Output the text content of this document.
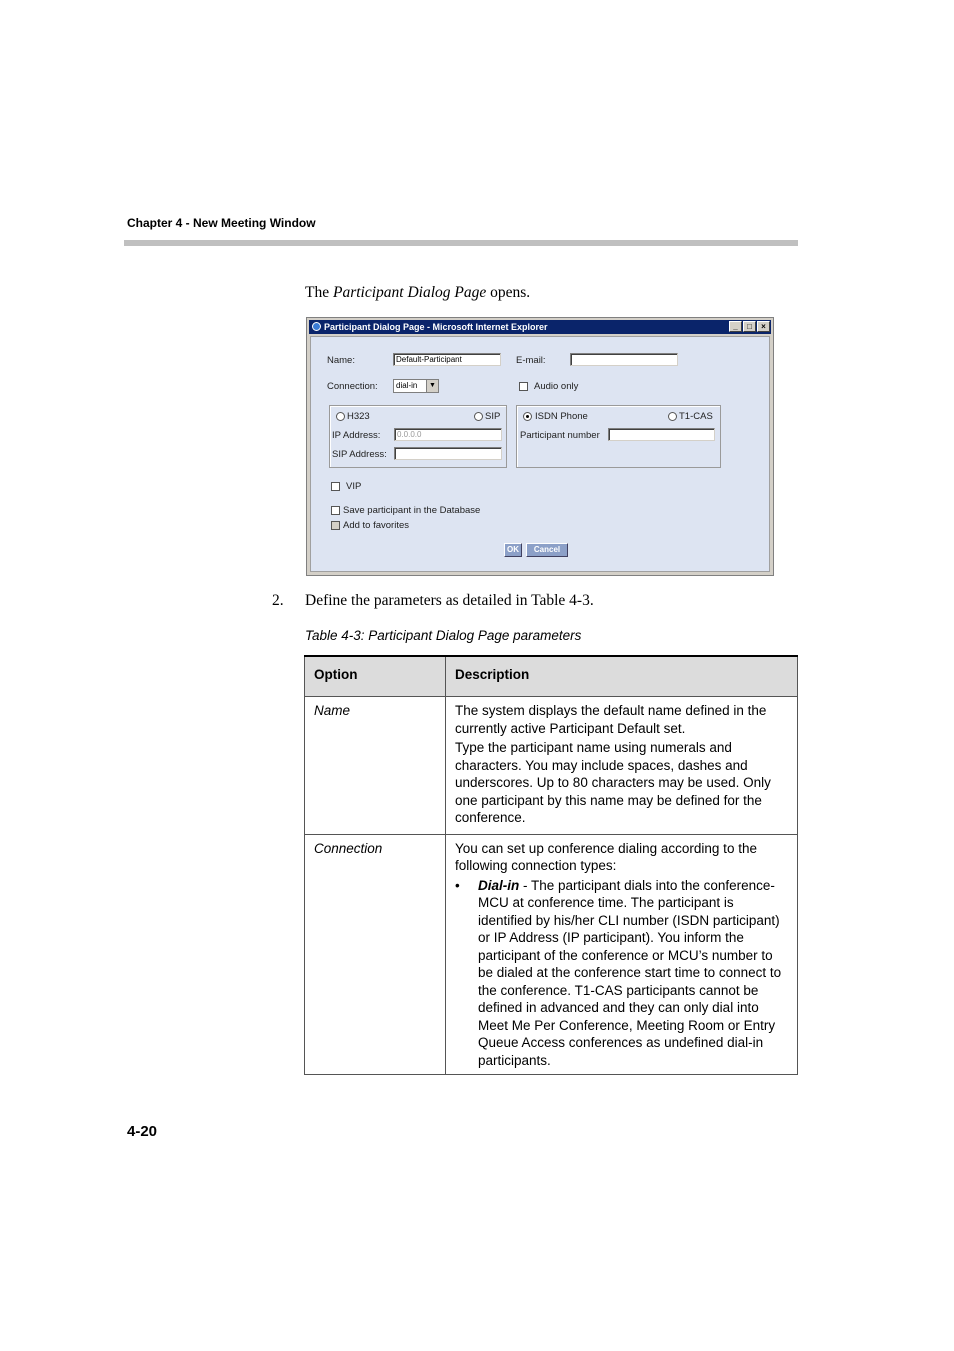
Chapter 4 - New Meeting Window
The Participant Dialog Page opens.
Participant Dialog Page - Microsoft Internet Explorer	_	□	×
Name:	Default-Participant	E-mail:
Connection:	dial-in	▼	Audio only
H323	SIP
IP Address:	0.0.0.0
SIP Address:
ISDN Phone	T1-CAS
Participant number
VIP
Save participant in the Database
Add to favorites
OK	Cancel
2. Define the parameters as detailed in Table 4-3.
Table 4-3: Participant Dialog Page parameters
Option	Description
Name	The system displays the default name defined in the currently active Participant Default set.

Type the participant name using numerals and characters. You may include spaces, dashes and underscores. Up to 80 characters may be used. Only one participant by this name may be defined for the conference.

Connection	You can set up conference dialing according to the following connection types:

• Dial-in - The participant dials into the conference-MCU at conference time. The participant is identified by his/her CLI number (ISDN participant) or IP Address (IP participant). You inform the participant of the conference or MCU’s number to be dialed at the conference start time to connect to the conference. T1-CAS participants cannot be defined in advanced and they can only dial into Meet Me Per Conference, Meeting Room or Entry Queue Access conferences as undefined dial-in participants.
4-20
